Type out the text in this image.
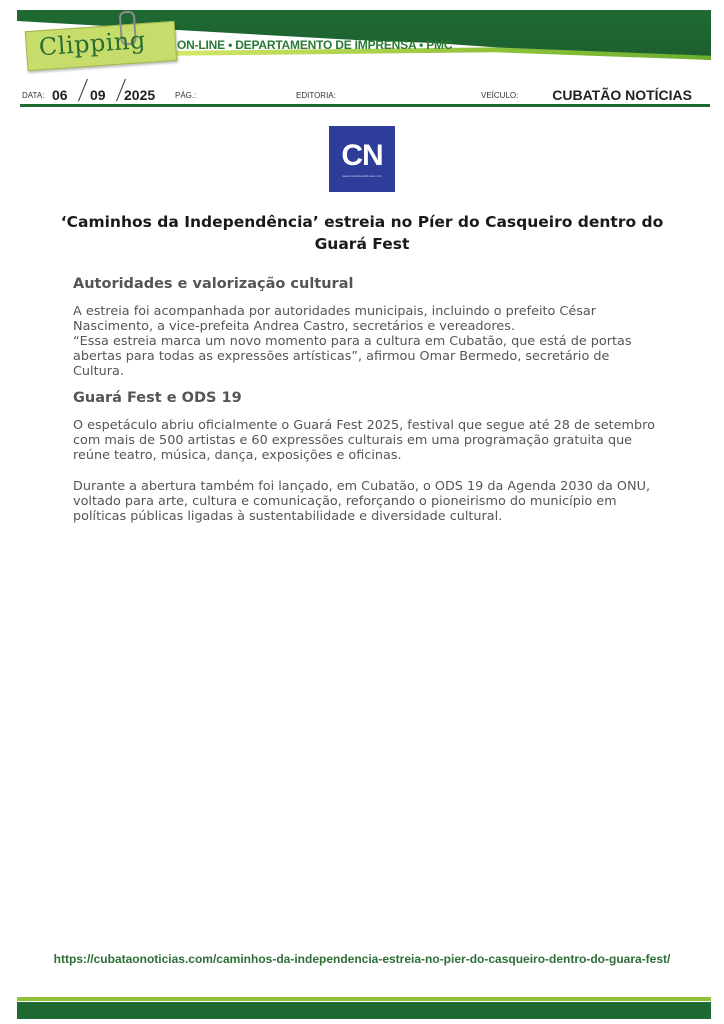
Clipping	ON-LINE • DEPARTAMENTO DE IMPRENSA • PMC
DATA: 06 09 2025 PÁG.:	EDITORIA:	VEÍCULO: CUBATÃO NOTÍCIAS
CN
www.cubataonoticias.com
‘Caminhos da Independência’ estreia no Píer do Casqueiro dentro do Guará Fest
Autoridades e valorização cultural

A estreia foi acompanhada por autoridades municipais, incluindo o prefeito César Nascimento, a vice-prefeita Andrea Castro, secretários e vereadores.

“Essa estreia marca um novo momento para a cultura em Cubatão, que está de portas abertas para todas as expressões artísticas”, afirmou Omar Bermedo, secretário de Cultura.

Guará Fest e ODS 19

O espetáculo abriu oficialmente o Guará Fest 2025, festival que segue até 28 de setembro com mais de 500 artistas e 60 expressões culturais em uma programação gratuita que reúne teatro, música, dança, exposições e oficinas.

Durante a abertura também foi lançado, em Cubatão, o ODS 19 da Agenda 2030 da ONU, voltado para arte, cultura e comunicação, reforçando o pioneirismo do município em políticas públicas ligadas à sustentabilidade e diversidade cultural.

https://cubataonoticias.com/caminhos-da-independencia-estreia-no-pier-do-casqueiro-dentro-do-guara-fest/
